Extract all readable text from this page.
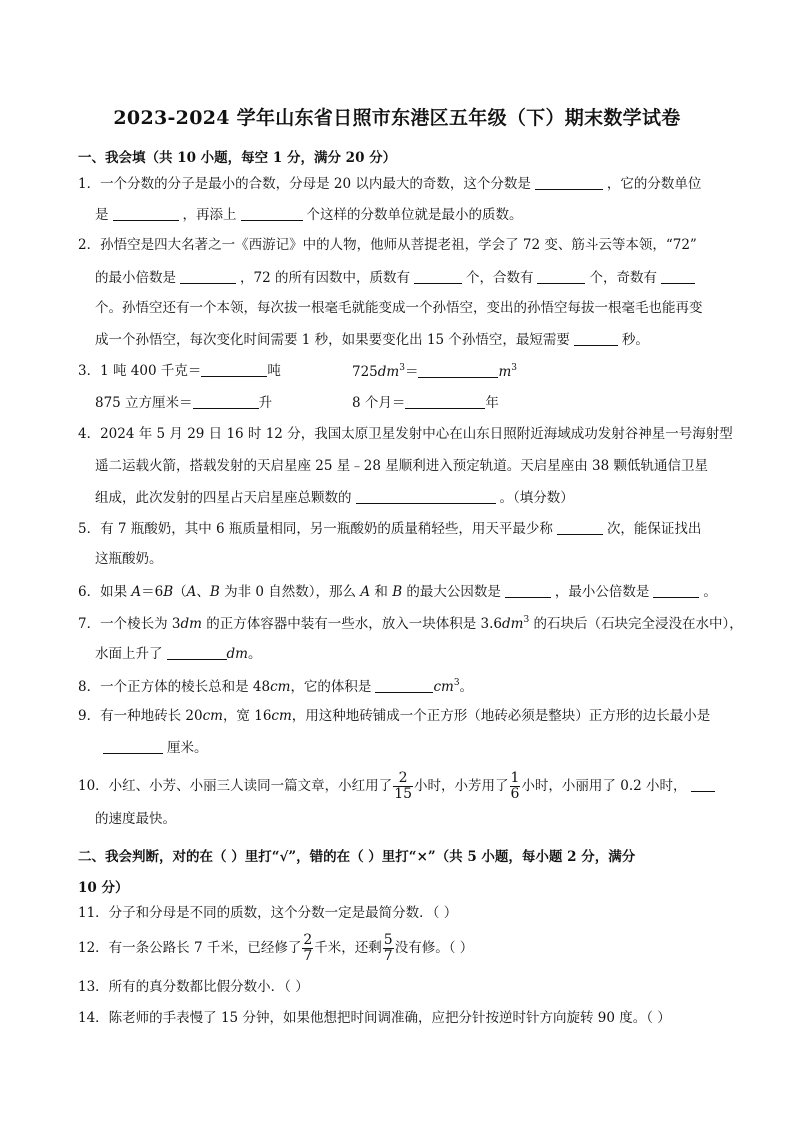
2023-2024 学年山东省日照市东港区五年级（下）期末数学试卷
一、我会填（共 10 小题，每空 1 分，满分 20 分）
1．一个分数的分子是最小的合数，分母是 20 以内最大的奇数，这个分数是	，它的分数单位
是	，再添上	个这样的分数单位就是最小的质数。
2．孙悟空是四大名著之一《西游记》中的人物，他师从菩提老祖，学会了 72 变、筋斗云等本领，“72”
的最小倍数是	，72 的所有因数中，质数有	个，合数有	个，奇数有
个。孙悟空还有一个本领，每次拔一根毫毛就能变成一个孙悟空，变出的孙悟空每拔一根毫毛也能再变
成一个孙悟空，每次变化时间需要 1 秒，如果要变化出 15 个孙悟空，最短需要	秒。
3．1 吨 400 千克＝	吨	$725dm^3=$	$m^3$
875 立方厘米＝	升	8 个月＝	年
4．2024 年 5 月 29 日 16 时 12 分，我国太原卫星发射中心在山东日照附近海域成功发射谷神星一号海射型
遥二运载火箭，搭载发射的天启星座 25 星﹣28 星顺利进入预定轨道。天启星座由 38 颗低轨通信卫星
组成，此次发射的四星占天启星座总颗数的	。（填分数）
5．有 7 瓶酸奶，其中 6 瓶质量相同，另一瓶酸奶的质量稍轻些，用天平最少称	次，能保证找出
这瓶酸奶。
6．如果 A＝6B（A、B 为非 0 自然数），那么 A 和 B 的最大公因数是	，最小公倍数是	。
7．一个棱长为 3dm 的正方体容器中装有一些水，放入一块体积是 $3.6dm^3$ 的石块后（石块完全浸没在水中），
水面上升了	dm。
8．一个正方体的棱长总和是 48cm，它的体积是	$cm^3$。
9．有一种地砖长 20cm，宽 16cm，用这种地砖铺成一个正方形（地砖必须是整块）正方形的边长最小是
厘米。
10．小红、小芳、小丽三人读同一篇文章，小红用了 $\frac{2}{15}$ 小时，小芳用了 $\frac{1}{6}$ 小时，小丽用了 0.2 小时，
的速度最快。
二、我会判断，对的在（ ）里打“√”，错的在（ ）里打“×”（共 5 小题，每小题 2 分，满分
10 分）
11．分子和分母是不同的质数，这个分数一定是最简分数．（ ）
12．有一条公路长 7 千米，已经修了 $\frac{2}{7}$ 千米，还剩 $\frac{5}{7}$ 没有修。（ ）
13．所有的真分数都比假分数小．（ ）
14．陈老师的手表慢了 15 分钟，如果他想把时间调准确，应把分针按逆时针方向旋转 90 度。（ ）
